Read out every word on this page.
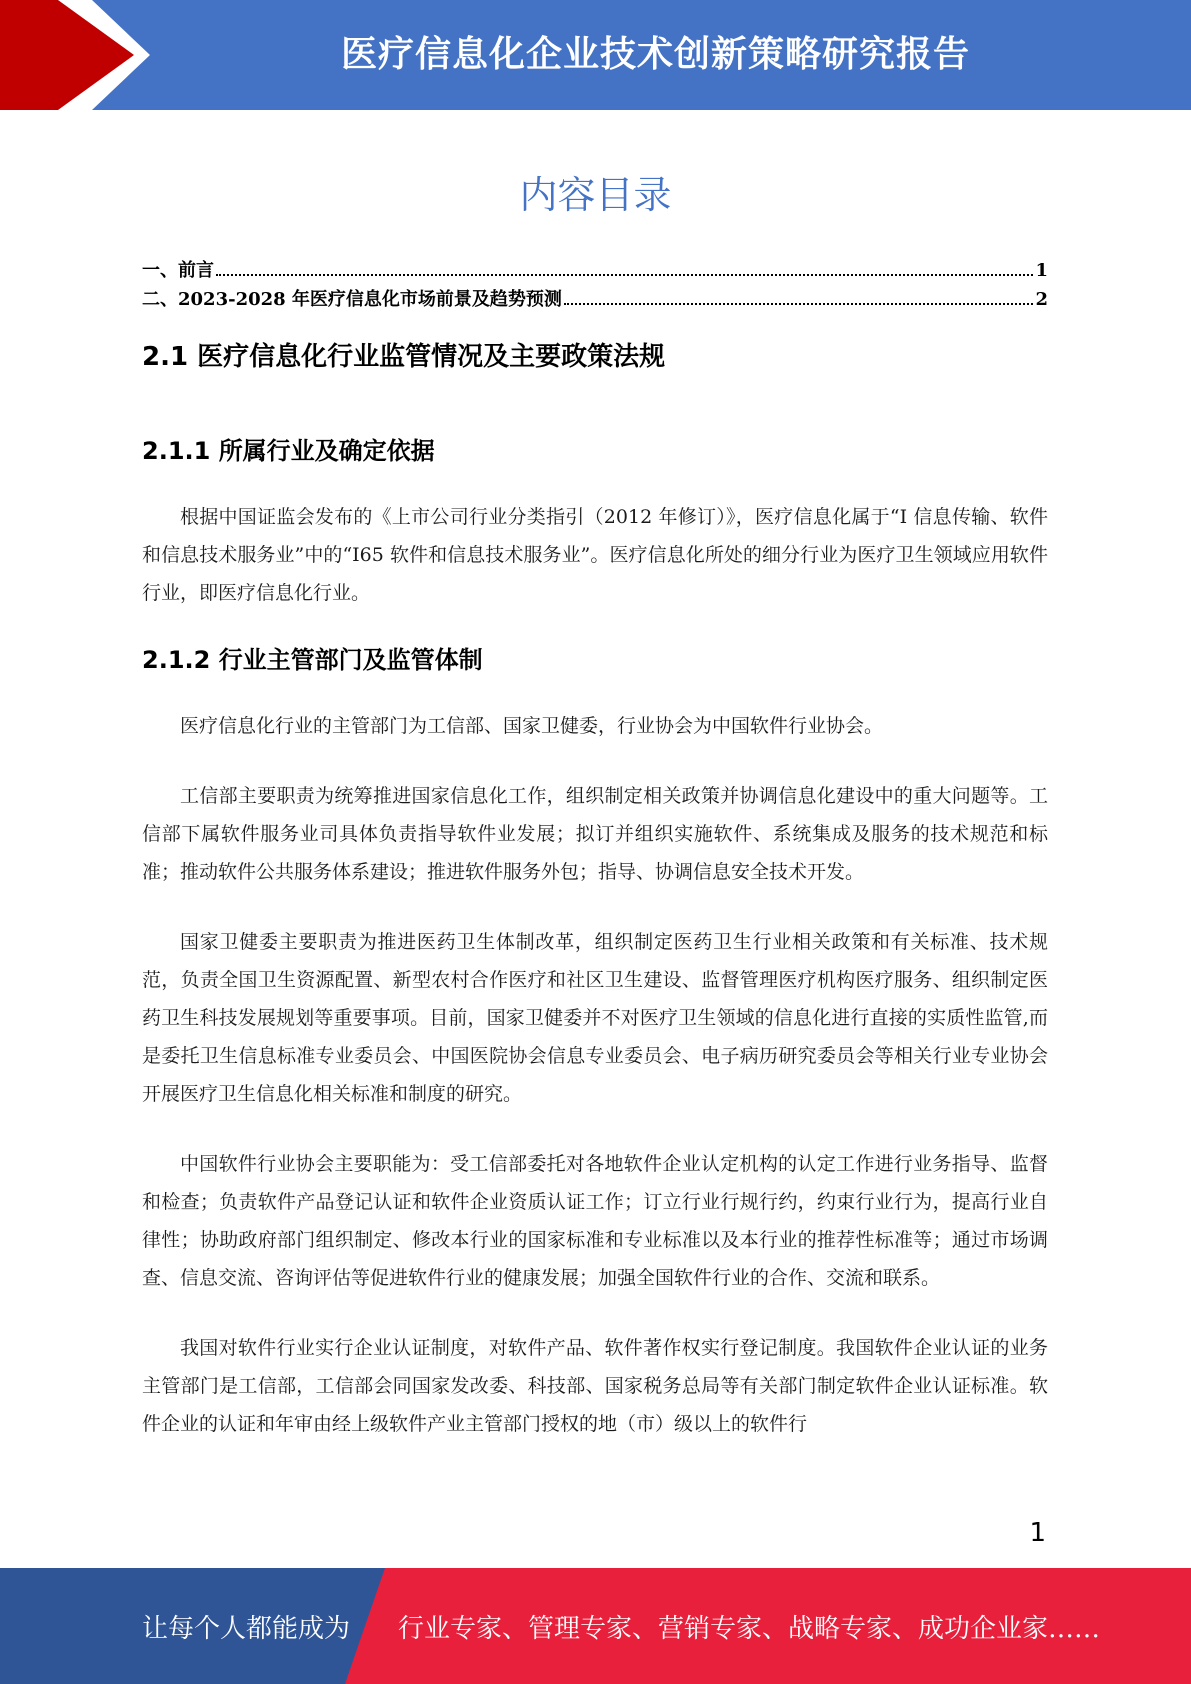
医疗信息化企业技术创新策略研究报告
内容目录
一、前言	1
二、2023-2028 年医疗信息化市场前景及趋势预测	2
2.1 医疗信息化行业监管情况及主要政策法规
2.1.1 所属行业及确定依据

根据中国证监会发布的《上市公司行业分类指引（2012 年修订）》，医疗信息化属于“I 信息传输、软件和信息技术服务业”中的“I65 软件和信息技术服务业”。医疗信息化所处的细分行业为医疗卫生领域应用软件行业，即医疗信息化行业。

2.1.2 行业主管部门及监管体制

医疗信息化行业的主管部门为工信部、国家卫健委，行业协会为中国软件行业协会。

工信部主要职责为统筹推进国家信息化工作，组织制定相关政策并协调信息化建设中的重大问题等。工信部下属软件服务业司具体负责指导软件业发展；拟订并组织实施软件、系统集成及服务的技术规范和标准；推动软件公共服务体系建设；推进软件服务外包；指导、协调信息安全技术开发。

国家卫健委主要职责为推进医药卫生体制改革，组织制定医药卫生行业相关政策和有关标准、技术规范，负责全国卫生资源配置、新型农村合作医疗和社区卫生建设、监督管理医疗机构医疗服务、组织制定医药卫生科技发展规划等重要事项。目前，国家卫健委并不对医疗卫生领域的信息化进行直接的实质性监管,而是委托卫生信息标准专业委员会、中国医院协会信息专业委员会、电子病历研究委员会等相关行业专业协会开展医疗卫生信息化相关标准和制度的研究。

中国软件行业协会主要职能为：受工信部委托对各地软件企业认定机构的认定工作进行业务指导、监督和检查；负责软件产品登记认证和软件企业资质认证工作；订立行业行规行约，约束行业行为，提高行业自律性；协助政府部门组织制定、修改本行业的国家标准和专业标准以及本行业的推荐性标准等；通过市场调查、信息交流、咨询评估等促进软件行业的健康发展；加强全国软件行业的合作、交流和联系。

我国对软件行业实行企业认证制度，对软件产品、软件著作权实行登记制度。我国软件企业认证的业务主管部门是工信部，工信部会同国家发改委、科技部、国家税务总局等有关部门制定软件企业认证标准。软件企业的认证和年审由经上级软件产业主管部门授权的地（市）级以上的软件行

1
让每个人都能成为 行业专家、管理专家、营销专家、战略专家、成功企业家……
